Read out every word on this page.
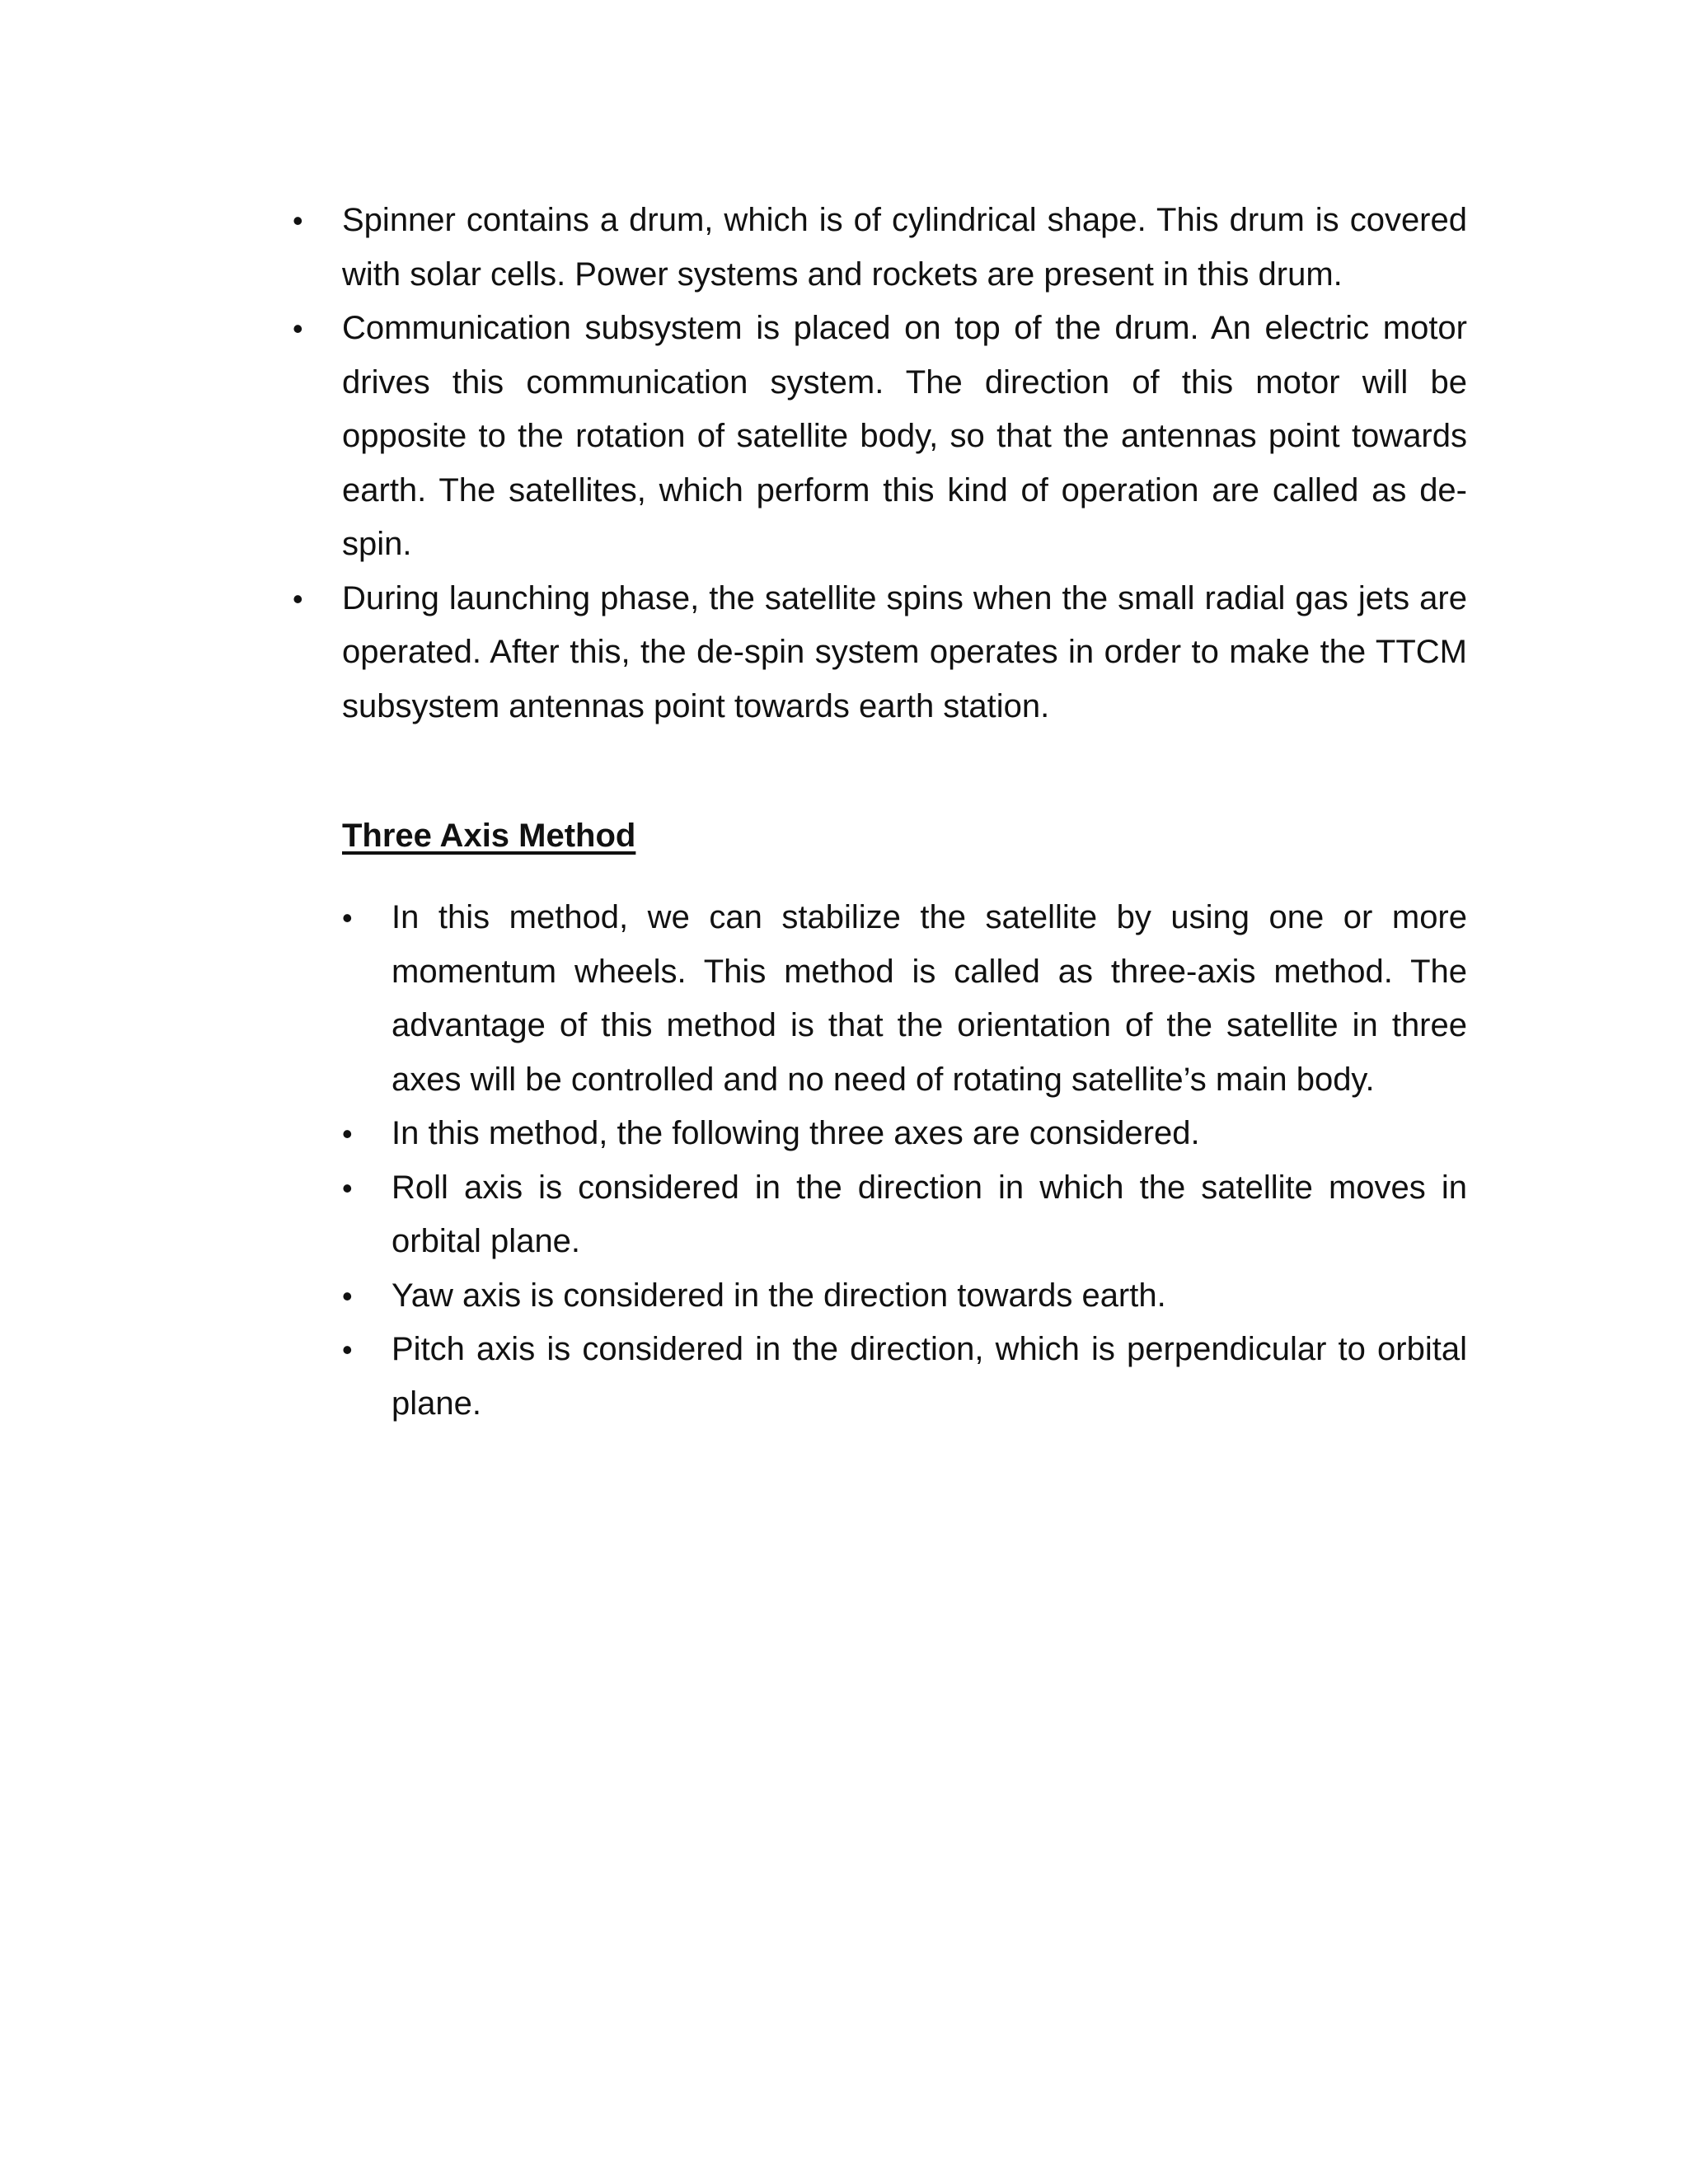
• Spinner contains a drum, which is of cylindrical shape. This drum is covered with solar cells. Power systems and rockets are present in this drum.
• Communication subsystem is placed on top of the drum. An electric motor drives this communication system. The direction of this motor will be opposite to the rotation of satellite body, so that the antennas point towards earth. The satellites, which perform this kind of operation are called as de-spin.
• During launching phase, the satellite spins when the small radial gas jets are operated. After this, the de-spin system operates in order to make the TTCM subsystem antennas point towards earth station.
Three Axis Method
• In this method, we can stabilize the satellite by using one or more momentum wheels. This method is called as three-axis method. The advantage of this method is that the orientation of the satellite in three axes will be controlled and no need of rotating satellite’s main body.
• In this method, the following three axes are considered.
• Roll axis is considered in the direction in which the satellite moves in orbital plane.
• Yaw axis is considered in the direction towards earth.
• Pitch axis is considered in the direction, which is perpendicular to orbital plane.
